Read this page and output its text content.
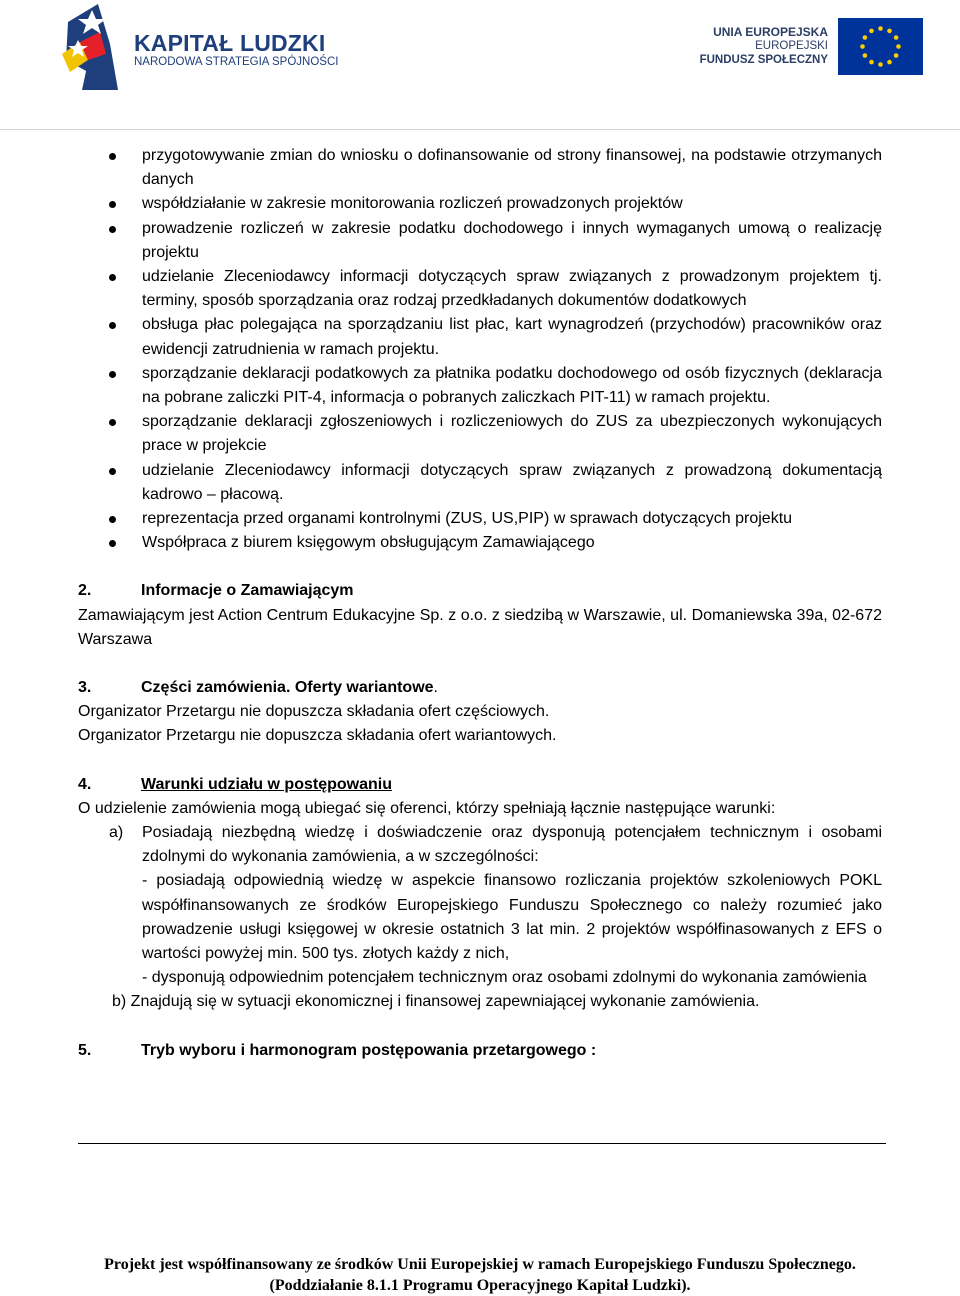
KAPITAŁ LUDZKI
NARODOWA STRATEGIA SPÓJNOŚCI
UNIA EUROPEJSKA
EUROPEJSKI
FUNDUSZ SPOŁECZNY
przygotowywanie zmian do wniosku o dofinansowanie od strony finansowej, na podstawie otrzymanych danych
współdziałanie w zakresie monitorowania rozliczeń prowadzonych projektów
prowadzenie rozliczeń w zakresie podatku dochodowego i innych wymaganych umową o realizację projektu
udzielanie Zleceniodawcy informacji dotyczących spraw związanych z prowadzonym projektem tj. terminy, sposób sporządzania oraz rodzaj przedkładanych dokumentów dodatkowych
obsługa płac polegająca na sporządzaniu list płac, kart wynagrodzeń (przychodów) pracowników oraz ewidencji zatrudnienia w ramach projektu.
sporządzanie deklaracji podatkowych za płatnika podatku dochodowego od osób fizycznych (deklaracja na pobrane zaliczki PIT-4, informacja o pobranych zaliczkach PIT-11) w ramach projektu.
sporządzanie deklaracji zgłoszeniowych i rozliczeniowych do ZUS za ubezpieczonych wykonujących prace w projekcie
udzielanie Zleceniodawcy informacji dotyczących spraw związanych z prowadzoną dokumentacją kadrowo – płacową.
reprezentacja przed organami kontrolnymi (ZUS, US,PIP) w sprawach dotyczących projektu
Współpraca z biurem księgowym obsługującym Zamawiającego
2.	Informacje o Zamawiającym
Zamawiającym jest Action Centrum Edukacyjne Sp. z o.o. z siedzibą w Warszawie, ul. Domaniewska 39a, 02-672 Warszawa
3.	Części zamówienia. Oferty wariantowe.
Organizator Przetargu nie dopuszcza składania ofert częściowych.
Organizator Przetargu nie dopuszcza składania ofert wariantowych.
4.	Warunki udziału w postępowaniu
O udzielenie zamówienia mogą ubiegać się oferenci, którzy spełniają łącznie następujące warunki:
a) Posiadają niezbędną wiedzę i doświadczenie oraz dysponują potencjałem technicznym i osobami zdolnymi do wykonania zamówienia, a w szczególności:
- posiadają odpowiednią wiedzę w aspekcie finansowo rozliczania projektów szkoleniowych POKL współfinansowanych ze środków Europejskiego Funduszu Społecznego co należy rozumieć jako prowadzenie usługi księgowej w okresie ostatnich 3 lat min. 2 projektów współfinasowanych z EFS o wartości powyżej min. 500 tys. złotych każdy z nich,
- dysponują odpowiednim potencjałem technicznym oraz osobami zdolnymi do wykonania zamówienia
b) Znajdują się w sytuacji ekonomicznej i finansowej zapewniającej wykonanie zamówienia.
5.	Tryb wyboru i harmonogram postępowania przetargowego :
Projekt jest współfinansowany ze środków Unii Europejskiej w ramach Europejskiego Funduszu Społecznego.
(Poddziałanie 8.1.1 Programu Operacyjnego Kapitał Ludzki).
